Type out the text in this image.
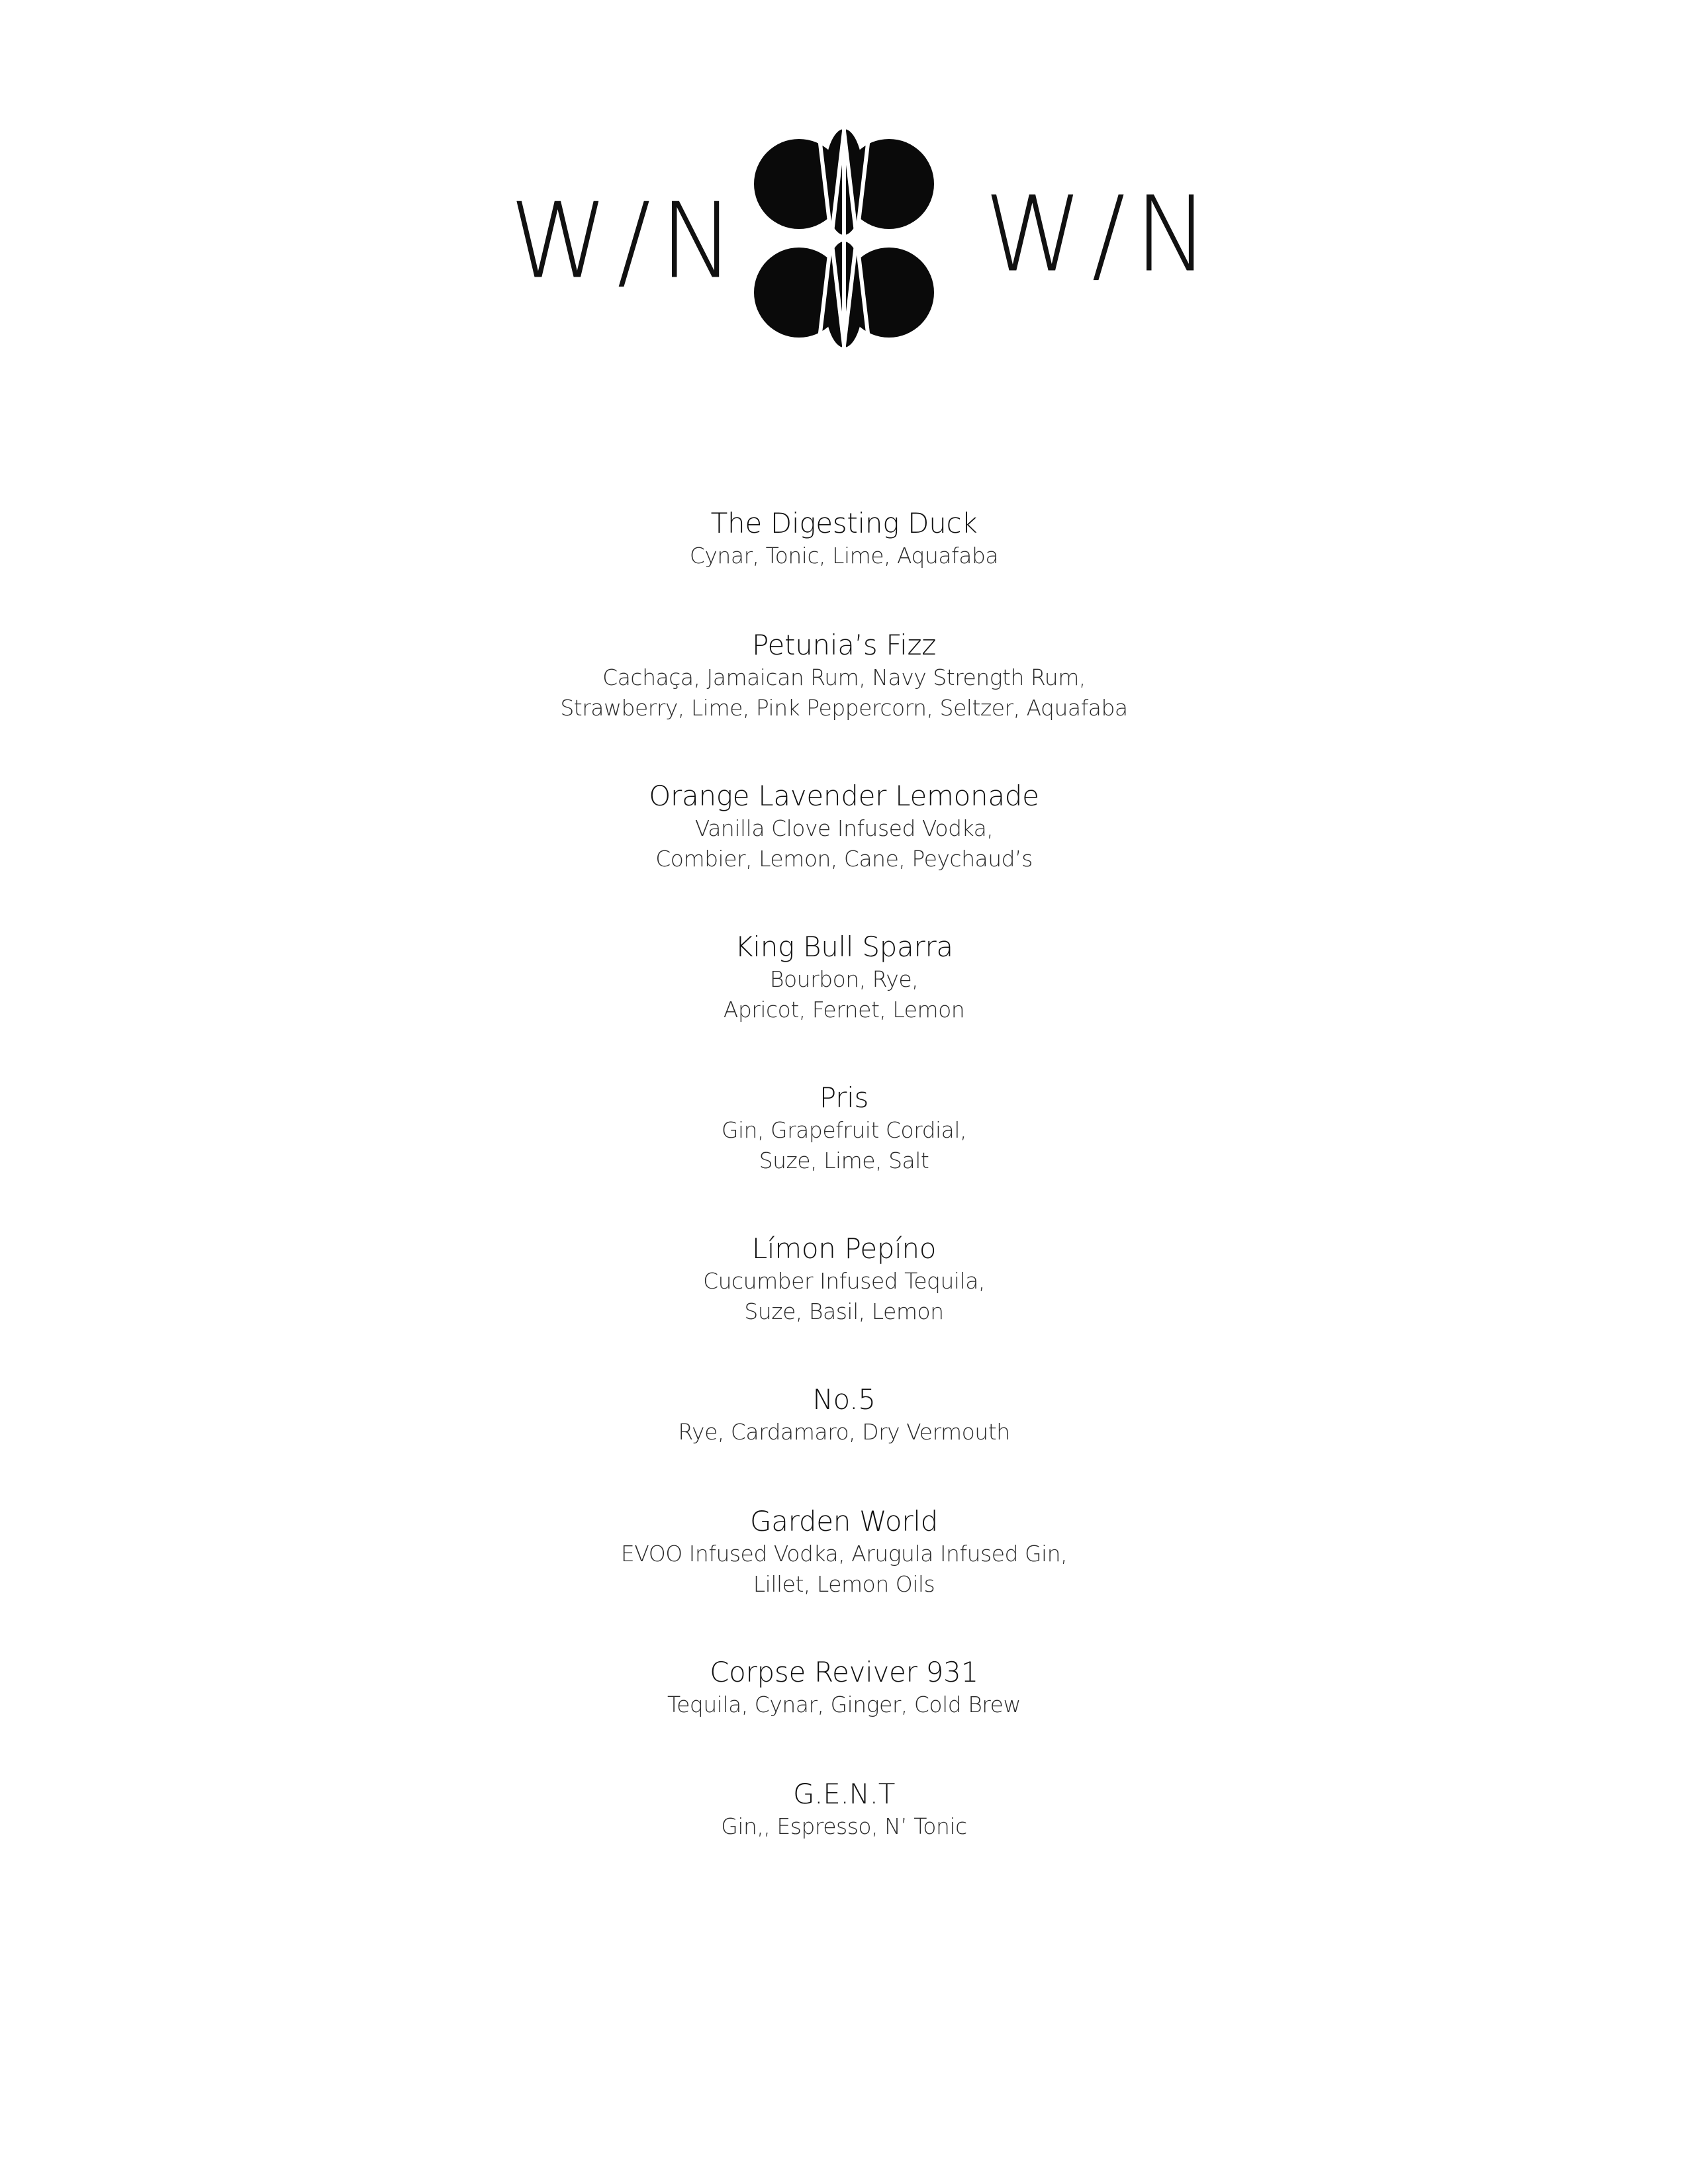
W/N W/N
The Digesting Duck
Cynar, Tonic, Lime, Aquafaba
Petunia’s Fizz
Cachaça, Jamaican Rum, Navy Strength Rum,
Strawberry, Lime, Pink Peppercorn, Seltzer, Aquafaba
Orange Lavender Lemonade
Vanilla Clove Infused Vodka,
Combier, Lemon, Cane, Peychaud’s
King Bull Sparra
Bourbon, Rye,
Apricot, Fernet, Lemon
Pris
Gin, Grapefruit Cordial,
Suze, Lime, Salt
Límon Pepíno
Cucumber Infused Tequila,
Suze, Basil, Lemon
No.5
Rye, Cardamaro, Dry Vermouth
Garden World
EVOO Infused Vodka, Arugula Infused Gin,
Lillet, Lemon Oils
Corpse Reviver 931
Tequila, Cynar, Ginger, Cold Brew
G.E.N.T
Gin,, Espresso, N’ Tonic
